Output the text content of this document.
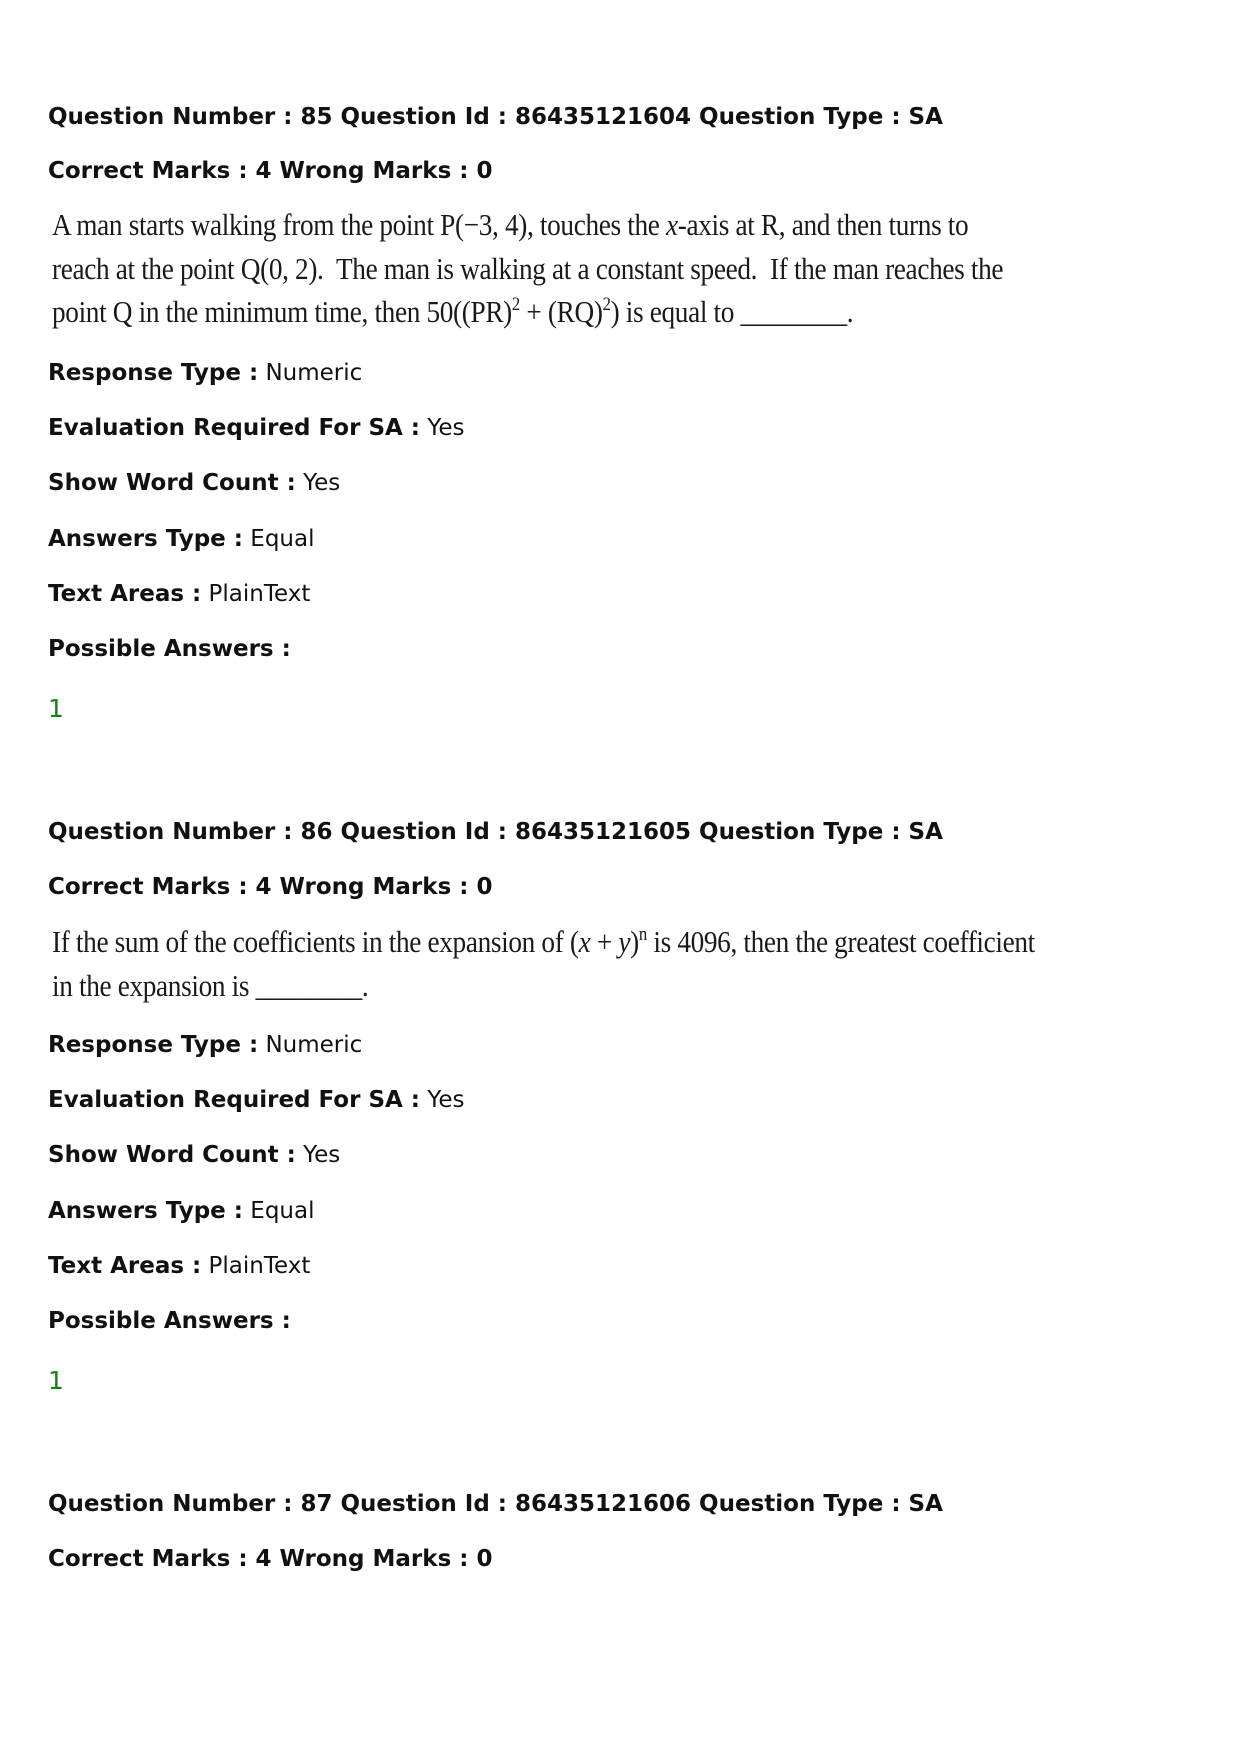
Question Number : 85 Question Id : 86435121604 Question Type : SA
Correct Marks : 4 Wrong Marks : 0
A man starts walking from the point P(−3, 4), touches the x-axis at R, and then turns to
reach at the point Q(0, 2).  The man is walking at a constant speed.  If the man reaches the
point Q in the minimum time, then 50((PR)$^2$ + (RQ)$^2$) is equal to ________.
Response Type : Numeric
Evaluation Required For SA : Yes
Show Word Count : Yes
Answers Type : Equal
Text Areas : PlainText
Possible Answers :
1
Question Number : 86 Question Id : 86435121605 Question Type : SA
Correct Marks : 4 Wrong Marks : 0
If the sum of the coefficients in the expansion of $(x + y)^n$ is 4096, then the greatest coefficient
in the expansion is ________.
Response Type : Numeric
Evaluation Required For SA : Yes
Show Word Count : Yes
Answers Type : Equal
Text Areas : PlainText
Possible Answers :
1
Question Number : 87 Question Id : 86435121606 Question Type : SA
Correct Marks : 4 Wrong Marks : 0
